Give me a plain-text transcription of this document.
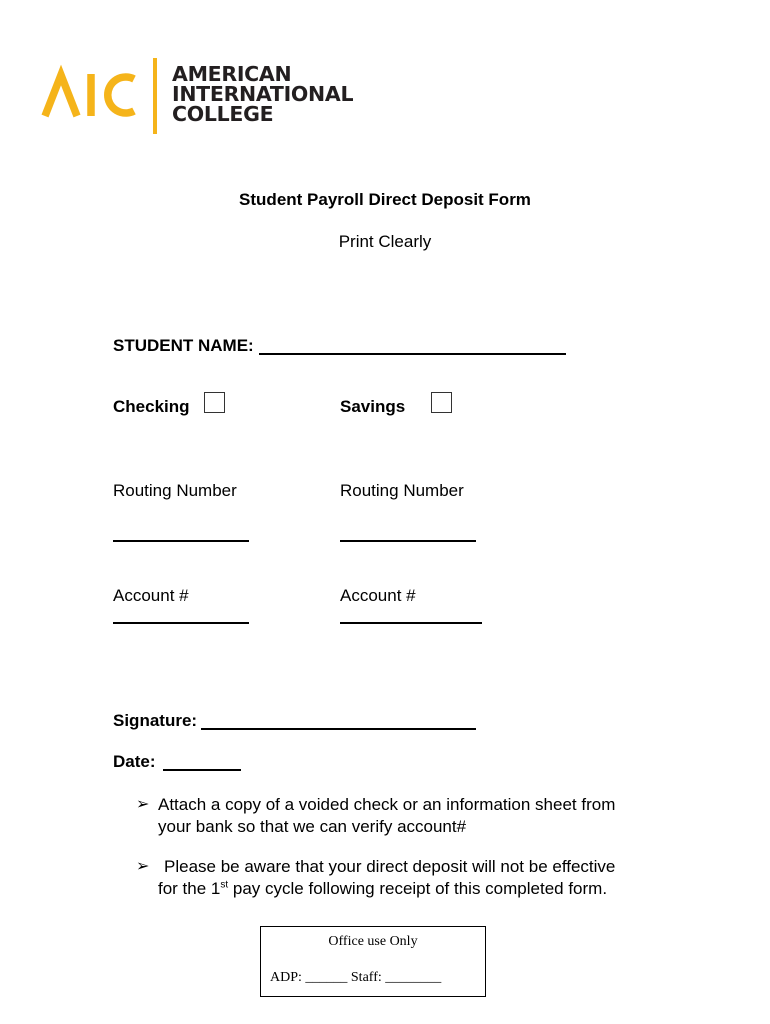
AMERICAN
INTERNATIONAL
COLLEGE
Student Payroll Direct Deposit Form
Print Clearly
STUDENT NAME:
Checking	Savings
Routing Number	Routing Number
Account #	Account #
Signature:
Date:
➢ Attach a copy of a voided check or an information sheet from
your bank so that we can verify account#
➢ Please be aware that your direct deposit will not be effective
for the 1st pay cycle following receipt of this completed form.
Office use Only
ADP: ______ Staff: ________
